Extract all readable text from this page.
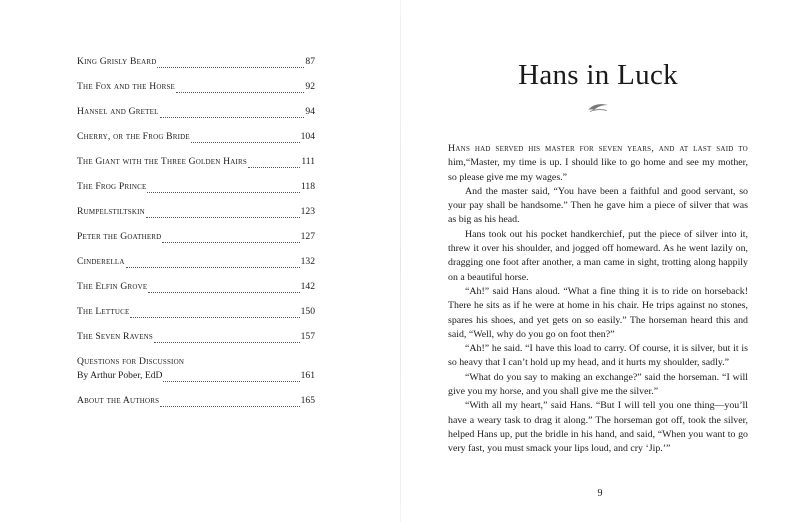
King Grisly Beard	87
The Fox and the Horse	92
Hansel and Gretel	94
Cherry, or the Frog Bride	104
The Giant with the Three Golden Hairs	111
The Frog Prince	118
Rumpelstiltskin	123
Peter the Goatherd	127
Cinderella	132
The Elfin Grove	142
The Lettuce	150
The Seven Ravens	157
Questions for Discussion
By Arthur Pober, EdD	161
About the Authors	165
Hans in Luck

Hans had served his master for seven years, and at last said to him,“Master, my time is up. I should like to go home and see my mother, so please give me my wages.”

And the master said, “You have been a faithful and good servant, so your pay shall be handsome.” Then he gave him a piece of silver that was as big as his head.

Hans took out his pocket handkerchief, put the piece of silver into it, threw it over his shoulder, and jogged off homeward. As he went lazily on, dragging one foot after another, a man came in sight, trotting along happily on a beautiful horse.

“Ah!” said Hans aloud. “What a fine thing it is to ride on horseback! There he sits as if he were at home in his chair. He trips against no stones, spares his shoes, and yet gets on so easily.” The horseman heard this and said, “Well, why do you go on foot then?”

“Ah!” he said. “I have this load to carry. Of course, it is silver, but it is so heavy that I can’t hold up my head, and it hurts my shoulder, sadly.”

“What do you say to making an exchange?” said the horseman. “I will give you my horse, and you shall give me the silver.”

“With all my heart,” said Hans. “But I will tell you one thing—you’ll have a weary task to drag it along.” The horseman got off, took the silver, helped Hans up, put the bridle in his hand, and said, “When you want to go very fast, you must smack your lips loud, and cry ‘Jip.’”

9
